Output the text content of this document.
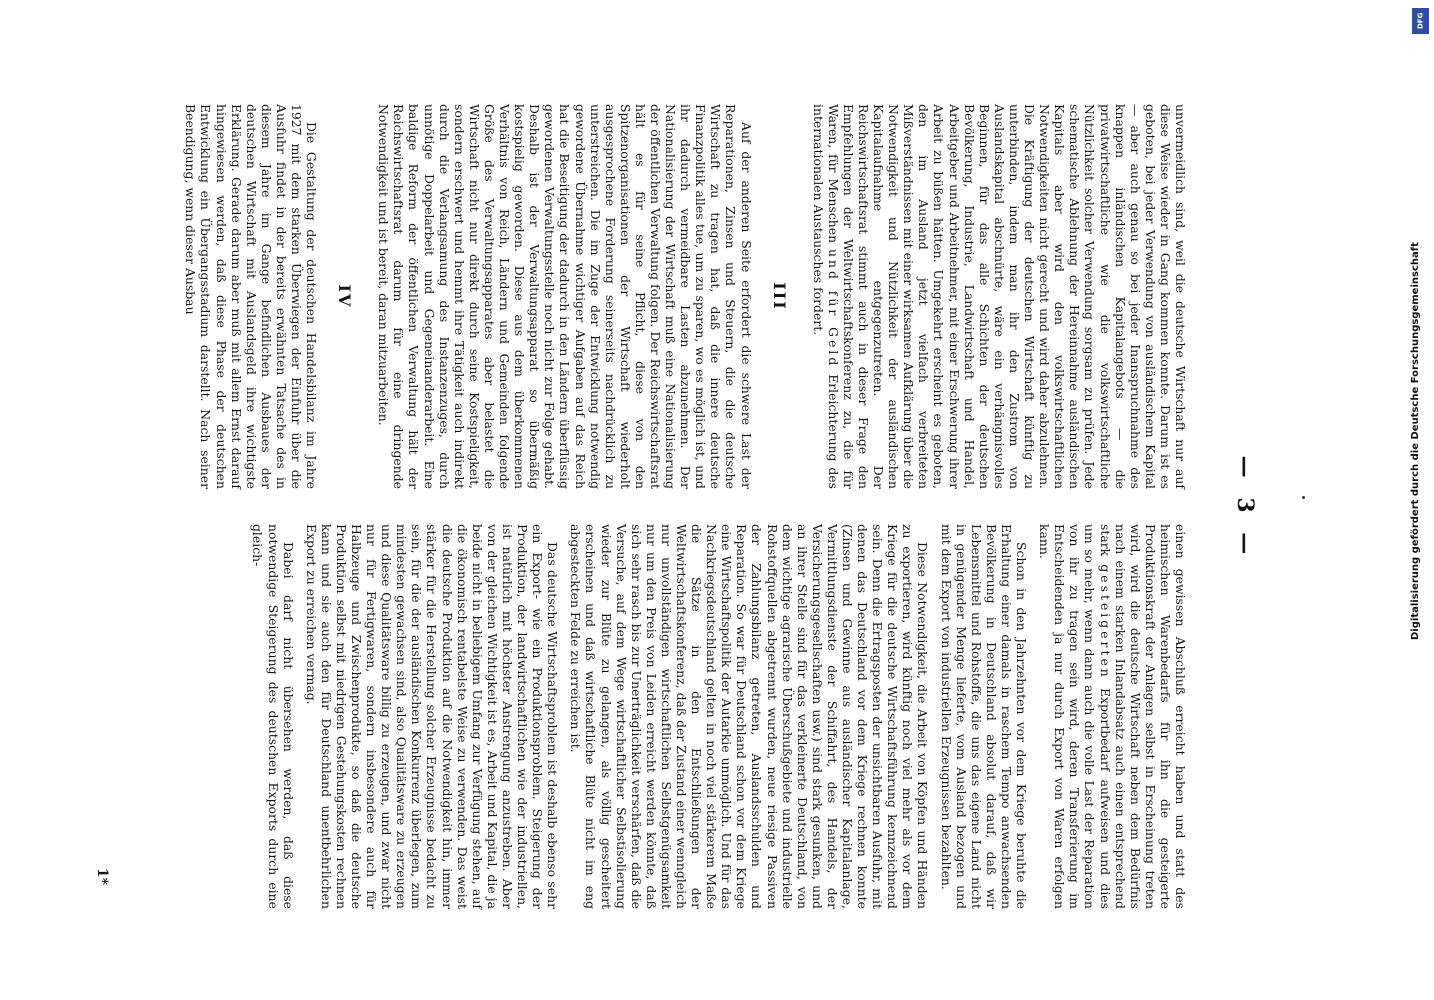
— 3 —

unvermeidlich sind, weil die deutsche Wirtschaft nur auf diese Weise wieder in Gang kommen konnte. Darum ist es geboten, bei jeder Verwendung von ausländischem Kapital — aber auch genau so bei jeder Inanspruchnahme des knappen inländischen Kapitalangebots — die privatwirtschaftliche wie die volkswirtschaftliche Nützlichkeit solcher Verwendung sorgsam zu prüfen. Jede schematische Ablehnung der Hereinnahme ausländischen Kapitals aber wird den volkswirtschaftlichen Notwendigkeiten nicht gerecht und wird daher abzulehnen. Die Kräftigung der deutschen Wirtschaft künftig zu unterbinden, indem man ihr den Zustrom von Auslandskapital abschnürte, wäre ein verhängnisvolles Beginnen, für das alle Schichten der deutschen Bevölkerung, Industrie, Landwirtschaft und Handel, Arbeitgeber und Arbeitnehmer, mit einer Erschwerung ihrer Arbeit zu büßen hätten. Umgekehrt erscheint es geboten, den im Ausland jetzt vielfach verbreiteten Mißverständnissen mit einer wirksamen Aufklärung über die Notwendigkeit und Nützlichkeit der ausländischen Kapitalaufnahme entgegenzutreten. Der Reichswirtschaftsrat stimmt auch in dieser Frage den Empfehlungen der Weltwirtschaftskonferenz zu, die für Waren, für Menschen und für Geld Erleichterung des internationalen Austausches fordert.

III

Auf der anderen Seite erfordert die schwere Last der Reparationen, Zinsen und Steuern, die die deutsche Wirtschaft zu tragen hat, daß die innere deutsche Finanzpolitik alles tue, um zu sparen, wo es möglich ist, und ihr dadurch vermeidbare Lasten abzunehmen. Der Nationalisierung der Wirtschaft muß eine Nationalisierung der öffentlichen Verwaltung folgen. Der Reichswirtschaftsrat hält es für seine Pflicht, diese von den Spitzenorganisationen der Wirtschaft wiederholt ausgesprochene Forderung seinerseits nachdrücklich zu unterstreichen. Die im Zuge der Entwicklung notwendig gewordene Übernahme wichtiger Aufgaben auf das Reich hat die Beseitigung der dadurch in den Ländern überflüssig gewordenen Verwaltungsstelle noch nicht zur Folge gehabt. Deshalb ist der Verwaltungsapparat so übermäßig kostspielig geworden. Diese aus dem überkommenen Verhältnis von Reich, Ländern und Gemeinden folgende Größe des Verwaltungsapparates aber belastet die Wirtschaft nicht nur direkt durch seine Kostspieligkeit, sondern erschwert und hemmt ihre Tätigkeit auch indirekt durch die Verlangsamung des Instanzenzuges, durch unnötige Doppelarbeit und Gegeneinanderarbeit. Eine baldige Reform der öffentlichen Verwaltung hält der Reichswirtschaftsrat darum für eine dringende Notwendigkeit und ist bereit, daran mitzuarbeiten.

IV

Die Gestaltung der deutschen Handelsbilanz im Jahre 1927 mit dem starken Überwiegen der Einfuhr über die Ausfuhr findet in der bereits erwähnten Tatsache des in diesem Jahre im Gange befindlichen Ausbaues der deutschen Wirtschaft mit Auslandsgeld ihre wichtigste Erklärung. Gerade darum aber muß mit allem Ernst darauf hingewiesen werden, daß diese Phase der deutschen Entwicklung ein Übergangsstadium darstellt. Nach seiner Beendigung, wenn dieser Ausbau

einen gewissen Abschluß erreicht haben und statt des heimischen Warenbedarfs für ihn die gesteigerte Produktionskraft der Anlagen selbst in Erscheinung treten wird, wird die deutsche Wirtschaft neben dem Bedürfnis nach einem starken Inlandabsatz auch einen entsprechend stark gesteigerten Exportbedarf aufweisen und dies um so mehr, wenn dann auch die volle Last der Reparation von ihr zu tragen sein wird, deren Transferierung im Entscheidenden ja nur durch Export von Waren erfolgen kann.

Schon in den Jahrzehnten vor dem Kriege beruhte die Erhaltung einer damals in raschem Tempo anwachsenden Bevölkerung in Deutschland absolut darauf, daß wir Lebensmittel und Rohstoffe, die uns das eigene Land nicht in genügender Menge lieferte, vom Ausland bezogen und mit dem Export von industriellen Erzeugnissen bezahlten.

Diese Notwendigkeit, die Arbeit von Köpfen und Händen zu exportieren, wird künftig noch viel mehr als vor dem Kriege für die deutsche Wirtschaftsführung kennzeichnend sein. Denn die Ertragsposten der unsichtbaren Ausfuhr, mit denen das Deutschland vor dem Kriege rechnen konnte (Zinsen und Gewinne aus ausländischer Kapitalanlage, Vermittlungsdienste der Schiffahrt, des Handels, der Versicherungsgesellschaften usw.) sind stark gesunken, und an ihrer Stelle sind für das verkleinerte Deutschland, von dem wichtige agrarische Überschußgebiete und industrielle Rohstoffquellen abgetrennt wurden, neue riesige Passiven der Zahlungsbilanz getreten, Auslandsschulden und Reparation. So war für Deutschland schon vor dem Kriege eine Wirtschaftspolitik der Autarkie unmöglich. Und für das Nachkriegsdeutschland gelten in noch viel stärkerem Maße die Sätze in den Entschließungen der Weltwirtschaftskonferenz, daß der Zustand einer wenngleich nur unvollständigen wirtschaftlichen Selbstgenügsamkeit nur um den Preis von Leiden erreicht werden könnte, daß sich sehr rasch bis zur Unerträglichkeit verschärfen, daß die Versuche, auf dem Wege wirtschaftlicher Selbstisolierung wieder zur Blüte zu gelangen, als völlig gescheitert erscheinen und daß wirtschaftliche Blüte nicht im eng abgesteckten Felde zu erreichen ist.

Das deutsche Wirtschaftsproblem ist deshalb ebenso sehr ein Export- wie ein Produktionsproblem. Steigerung der Produktion, der landwirtschaftlichen wie der industriellen, ist natürlich mit höchster Anstrengung anzustreben. Aber von der gleichen Wichtigkeit ist es, Arbeit und Kapital, die ja beide nicht in beliebigem Umfang zur Verfügung stehen, auf die ökonomisch rentabelste Weise zu verwenden. Das weist die deutsche Produktion auf die Notwendigkeit hin, immer stärker für die Herstellung solcher Erzeugnisse bedacht zu sein, für die der ausländischen Konkurrenz überlegen, zum mindesten gewachsen sind, also Qualitätsware zu erzeugen und diese Qualitätsware billig zu erzeugen, und zwar nicht nur für Fertigwaren, sondern insbesondere auch für Halbzeuge und Zwischenprodukte, so daß die deutsche Produktion selbst mit niedrigen Gestehungskosten rechnen kann und sie auch den für Deutschland unentbehrlichen Export zu erreichen vermag.

Dabei darf nicht übersehen werden, daß diese notwendige Steigerung des deutschen Exports durch eine gleich-

1*
DFG
Digitalisierung gefördert durch die Deutsche Forschungsgemeinschaft
